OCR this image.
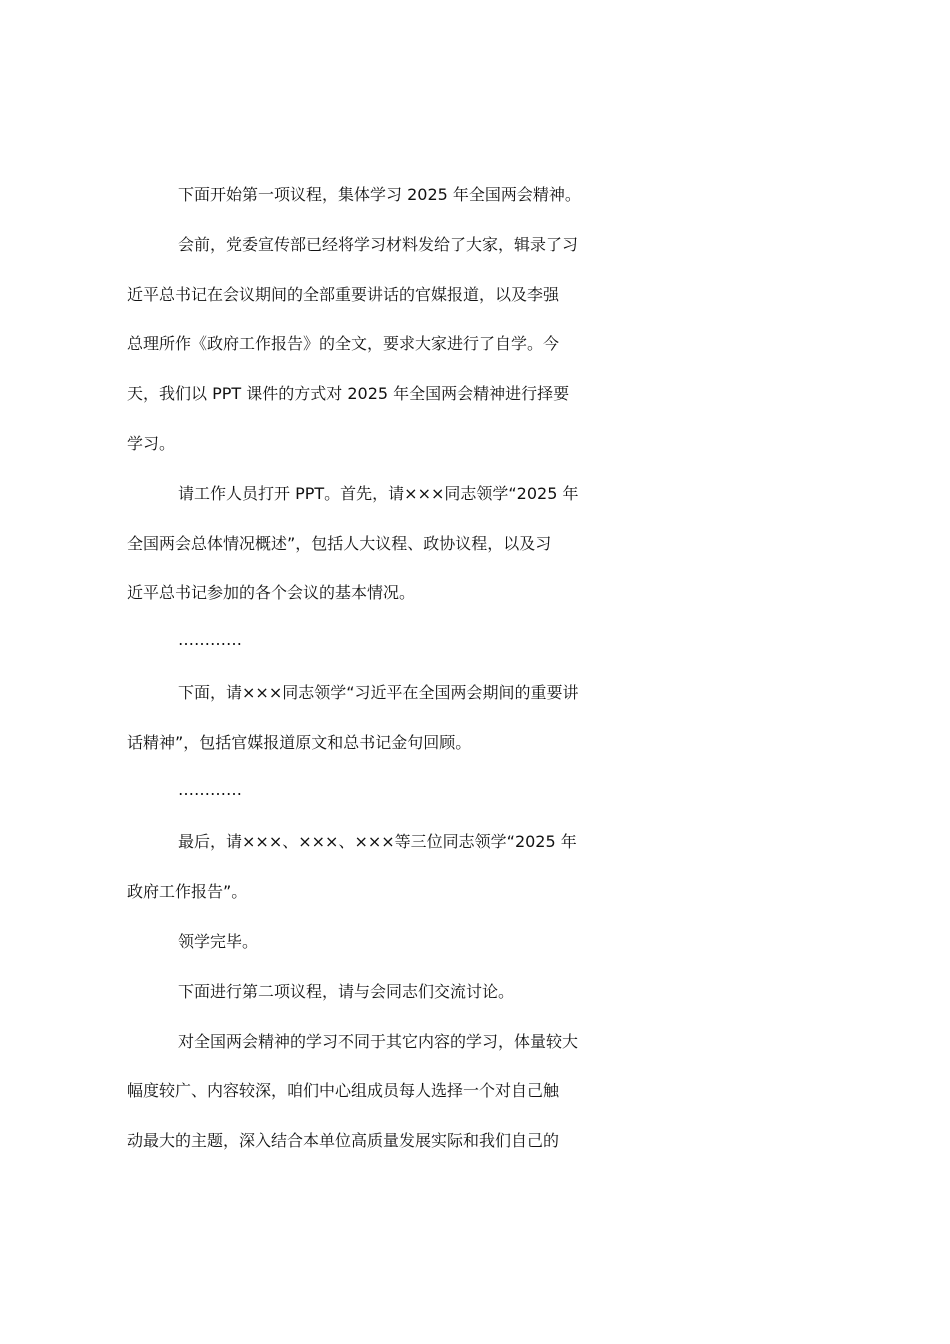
下面开始第一项议程，集体学习 2025 年全国两会精神。
会前，党委宣传部已经将学习材料发给了大家，辑录了习
近平总书记在会议期间的全部重要讲话的官媒报道，以及李强
总理所作《政府工作报告》的全文，要求大家进行了自学。今
天，我们以 PPT 课件的方式对 2025 年全国两会精神进行择要
学习。
请工作人员打开 PPT。首先，请×××同志领学“2025 年
全国两会总体情况概述”，包括人大议程、政协议程，以及习
近平总书记参加的各个会议的基本情况。
…………
下面，请×××同志领学“习近平在全国两会期间的重要讲
话精神”，包括官媒报道原文和总书记金句回顾。
…………
最后，请×××、×××、×××等三位同志领学“2025 年
政府工作报告”。
领学完毕。
下面进行第二项议程，请与会同志们交流讨论。
对全国两会精神的学习不同于其它内容的学习，体量较大
幅度较广、内容较深，咱们中心组成员每人选择一个对自己触
动最大的主题，深入结合本单位高质量发展实际和我们自己的
